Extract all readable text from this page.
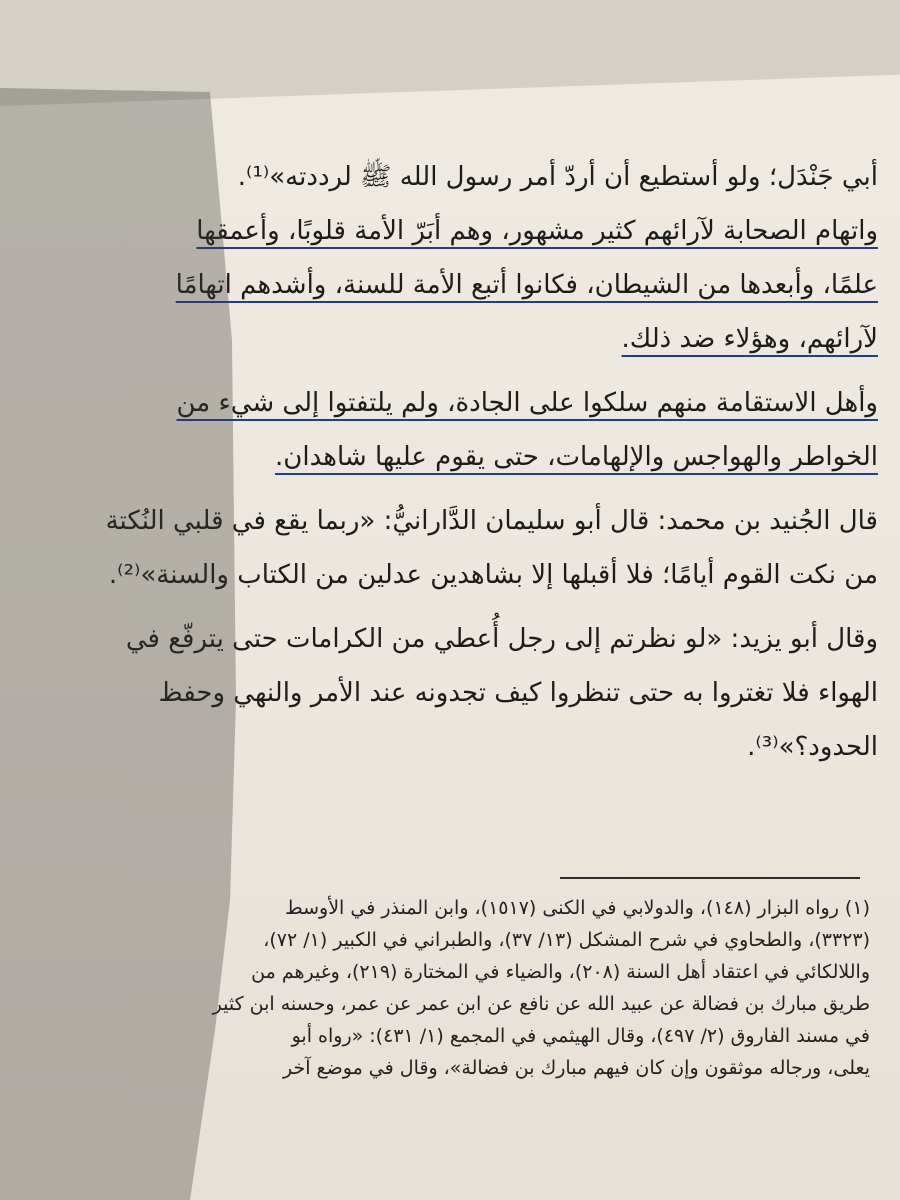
أبي جَنْدَل؛ ولو أستطيع أن أردّ أمر رسول الله ﷺ لرددته»⁽¹⁾.
واتهام الصحابة لآرائهم كثير مشهور، وهم أبَرّ الأمة قلوبًا، وأعمقها
علمًا، وأبعدها من الشيطان، فكانوا أتبع الأمة للسنة، وأشدهم اتهامًا
لآرائهم، وهؤلاء ضد ذلك.
وأهل الاستقامة منهم سلكوا على الجادة، ولم يلتفتوا إلى شيء من
الخواطر والهواجس والإلهامات، حتى يقوم عليها شاهدان.
قال الجُنيد بن محمد: قال أبو سليمان الدَّارانيُّ: «ربما يقع في قلبي النُكتة
من نكت القوم أيامًا؛ فلا أقبلها إلا بشاهدين عدلين من الكتاب والسنة»⁽²⁾.
وقال أبو يزيد: «لو نظرتم إلى رجل أُعطي من الكرامات حتى يترفّع في
الهواء فلا تغتروا به حتى تنظروا كيف تجدونه عند الأمر والنهي وحفظ
الحدود؟»⁽³⁾.
(١) رواه البزار (١٤٨)، والدولابي في الكنى (١٥١٧)، وابن المنذر في الأوسط
(٣٣٢٣)، والطحاوي في شرح المشكل (١٣/ ٣٧)، والطبراني في الكبير (١/ ٧٢)،
واللالكائي في اعتقاد أهل السنة (٢٠٨)، والضياء في المختارة (٢١٩)، وغيرهم من
طريق مبارك بن فضالة عن عبيد الله عن نافع عن ابن عمر عن عمر، وحسنه ابن كثير
في مسند الفاروق (٢/ ٤٩٧)، وقال الهيثمي في المجمع (١/ ٤٣١): «رواه أبو
يعلى، ورجاله موثقون وإن كان فيهم مبارك بن فضالة»، وقال في موضع آخر
